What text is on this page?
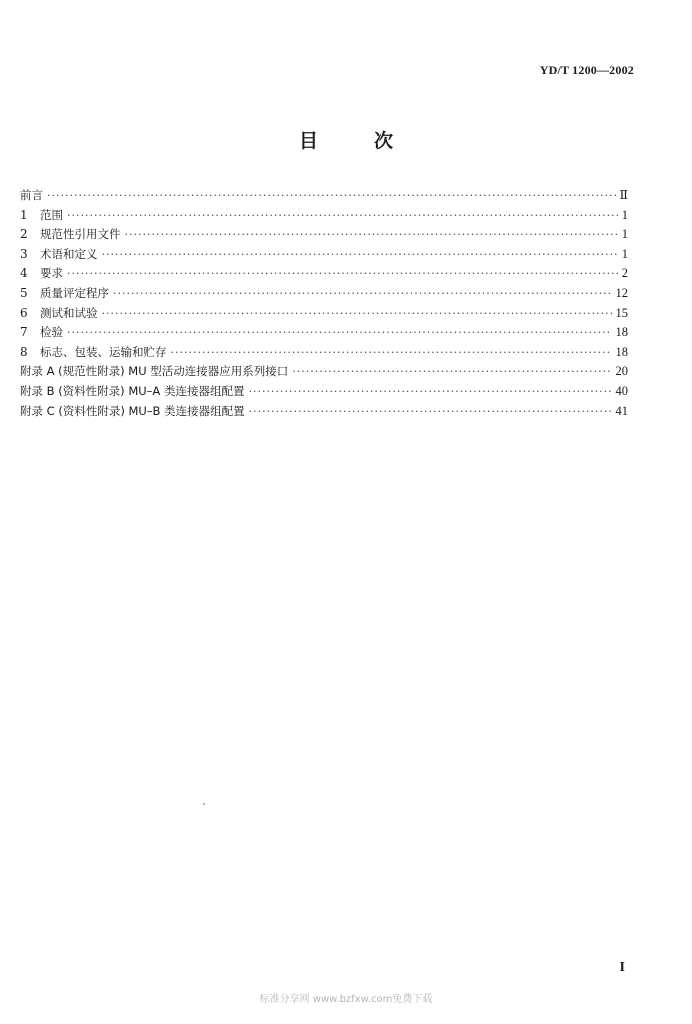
YD/T 1200—2002
目	次
前言 ·····	Ⅱ
1	范围 ·····	1
2	规范性引用文件 ·····	1
3	术语和定义 ·····	1
4	要求 ·····	2
5	质量评定程序 ·····	12
6	测试和试验 ·····	15
7	检验 ·····	18
8	标志、包装、运输和贮存 ·····	18
附录 A (规范性附录) MU 型活动连接器应用系列接口 ·····	20
附录 B (资料性附录) MU–A 类连接器组配置 ·····	40
附录 C (资料性附录) MU–B 类连接器组配置 ·····	41
I
标准分享网 www.bzfxw.com免费下载
